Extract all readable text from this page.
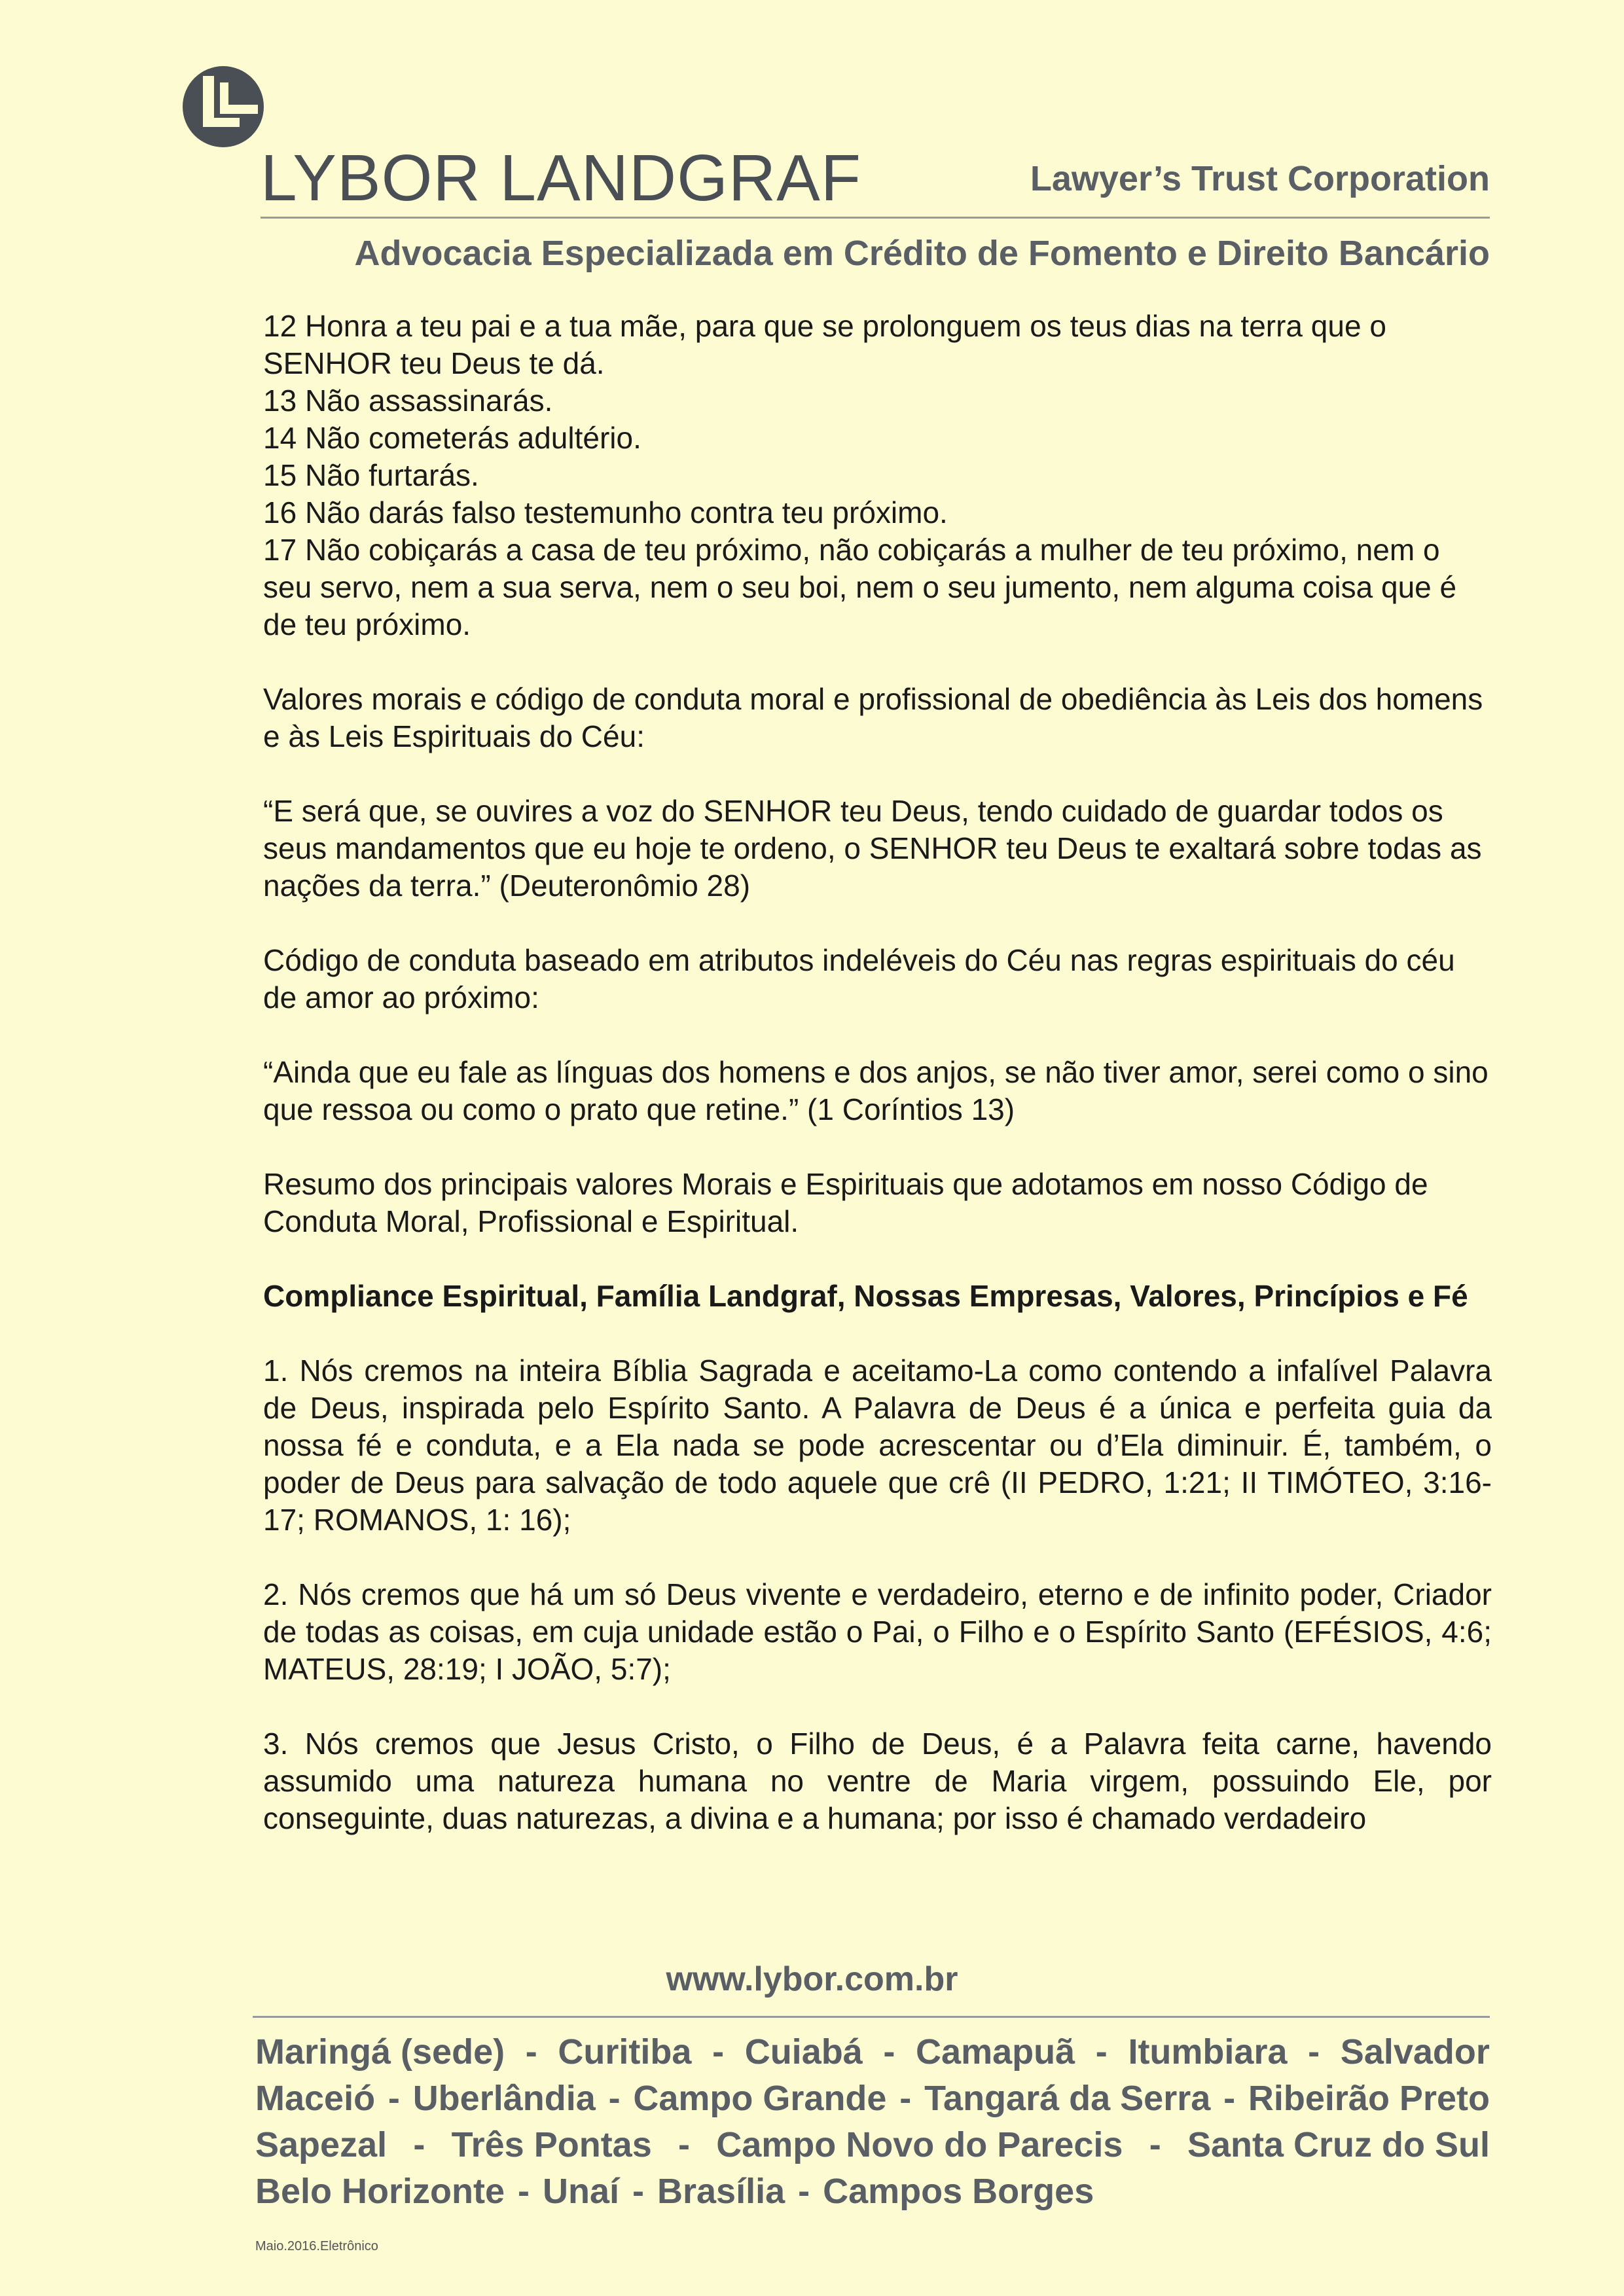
LYBOR LANDGRAF	Lawyer’s Trust Corporation
Advocacia Especializada em Crédito de Fomento e Direito Bancário

12 Honra a teu pai e a tua mãe, para que se prolonguem os teus dias na terra que o SENHOR teu Deus te dá.
13 Não assassinarás.
14 Não cometerás adultério.
15 Não furtarás.
16 Não darás falso testemunho contra teu próximo.
17 Não cobiçarás a casa de teu próximo, não cobiçarás a mulher de teu próximo, nem o seu servo, nem a sua serva, nem o seu boi, nem o seu jumento, nem alguma coisa que é de teu próximo.

Valores morais e código de conduta moral e profissional de obediência às Leis dos homens e às Leis Espirituais do Céu:

“E será que, se ouvires a voz do SENHOR teu Deus, tendo cuidado de guardar todos os seus mandamentos que eu hoje te ordeno, o SENHOR teu Deus te exaltará sobre todas as nações da terra.” (Deuteronômio 28)

Código de conduta baseado em atributos indeléveis do Céu nas regras espirituais do céu de amor ao próximo:

“Ainda que eu fale as línguas dos homens e dos anjos, se não tiver amor, serei como o sino que ressoa ou como o prato que retine.” (1 Coríntios 13)

Resumo dos principais valores Morais e Espirituais que adotamos em nosso Código de Conduta Moral, Profissional e Espiritual.

Compliance Espiritual, Família Landgraf, Nossas Empresas, Valores, Princípios e Fé

1. Nós cremos na inteira Bíblia Sagrada e aceitamo-La como contendo a infalível Palavra de Deus, inspirada pelo Espírito Santo. A Palavra de Deus é a única e perfeita guia da nossa fé e conduta, e a Ela nada se pode acrescentar ou d’Ela diminuir. É, também, o poder de Deus para salvação de todo aquele que crê (II PEDRO, 1:21; II TIMÓTEO, 3:16-17; ROMANOS, 1: 16);

2. Nós cremos que há um só Deus vivente e verdadeiro, eterno e de infinito poder, Criador de todas as coisas, em cuja unidade estão o Pai, o Filho e o Espírito Santo (EFÉSIOS, 4:6; MATEUS, 28:19; I JOÃO, 5:7);

3. Nós cremos que Jesus Cristo, o Filho de Deus, é a Palavra feita carne, havendo assumido uma natureza humana no ventre de Maria virgem, possuindo Ele, por conseguinte, duas naturezas, a divina e a humana; por isso é chamado verdadeiro

www.lybor.com.br
Maringá (sede) - Curitiba - Cuiabá - Camapuã - Itumbiara - Salvador
Maceió - Uberlândia - Campo Grande - Tangará da Serra - Ribeirão Preto
Sapezal - Três Pontas - Campo Novo do Parecis - Santa Cruz do Sul
Belo Horizonte - Unaí - Brasília - Campos Borges
Maio.2016.Eletrônico
